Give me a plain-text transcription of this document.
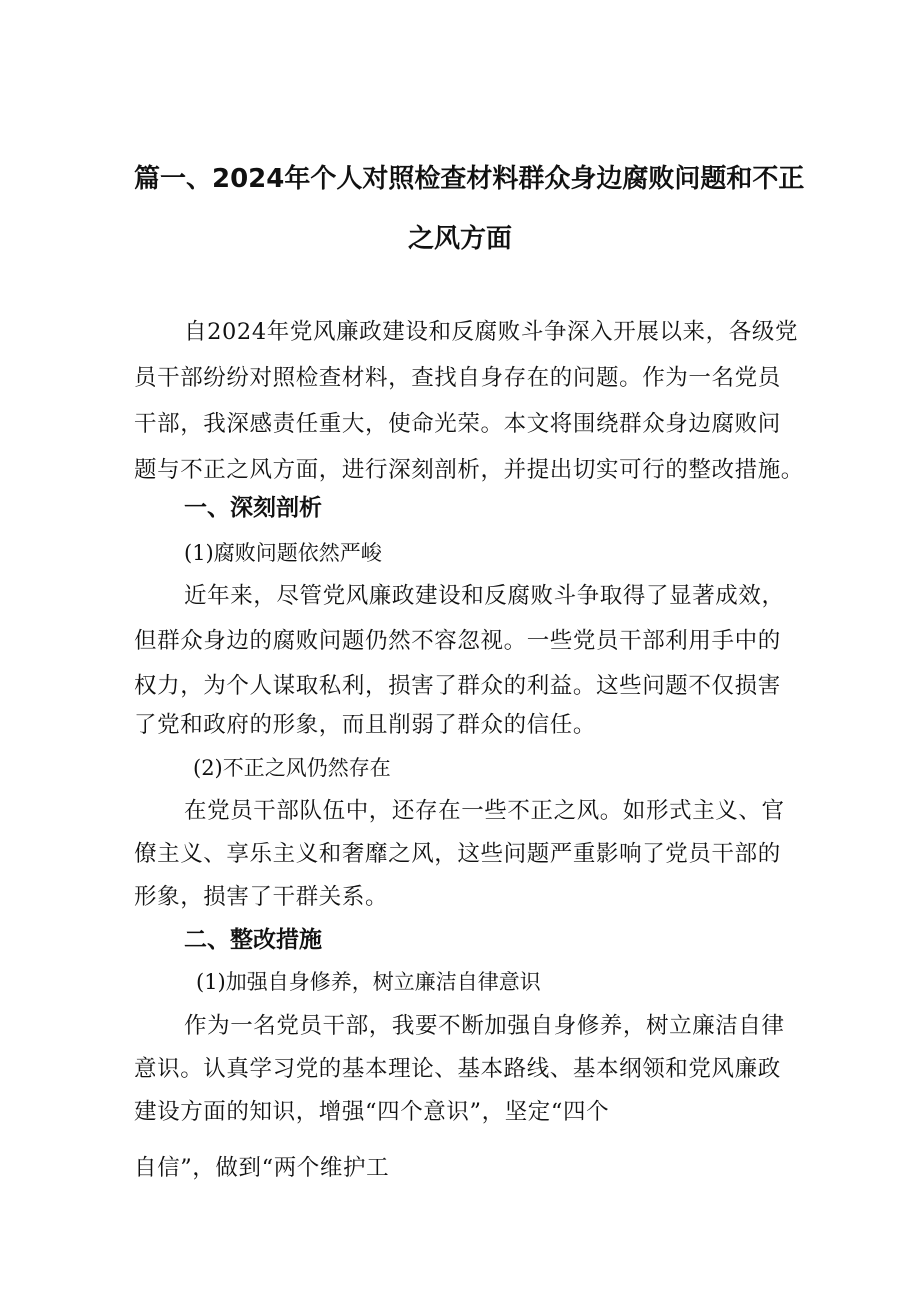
篇一、2024年个人对照检查材料群众身边腐败问题和不正
之风方面
自2024年党风廉政建设和反腐败斗争深入开展以来，各级党
员干部纷纷对照检查材料，查找自身存在的问题。作为一名党员
干部，我深感责任重大，使命光荣。本文将围绕群众身边腐败问
题与不正之风方面，进行深刻剖析，并提出切实可行的整改措施。
一、深刻剖析
(1)腐败问题依然严峻
近年来，尽管党风廉政建设和反腐败斗争取得了显著成效，
但群众身边的腐败问题仍然不容忽视。一些党员干部利用手中的
权力，为个人谋取私利，损害了群众的利益。这些问题不仅损害
了党和政府的形象，而且削弱了群众的信任。
(2)不正之风仍然存在
在党员干部队伍中，还存在一些不正之风。如形式主义、官
僚主义、享乐主义和奢靡之风，这些问题严重影响了党员干部的
形象，损害了干群关系。
二、整改措施
(1)加强自身修养，树立廉洁自律意识
作为一名党员干部，我要不断加强自身修养，树立廉洁自律
意识。认真学习党的基本理论、基本路线、基本纲领和党风廉政
建设方面的知识，增强“四个意识”，坚定“四个
自信”，做到“两个维护工
